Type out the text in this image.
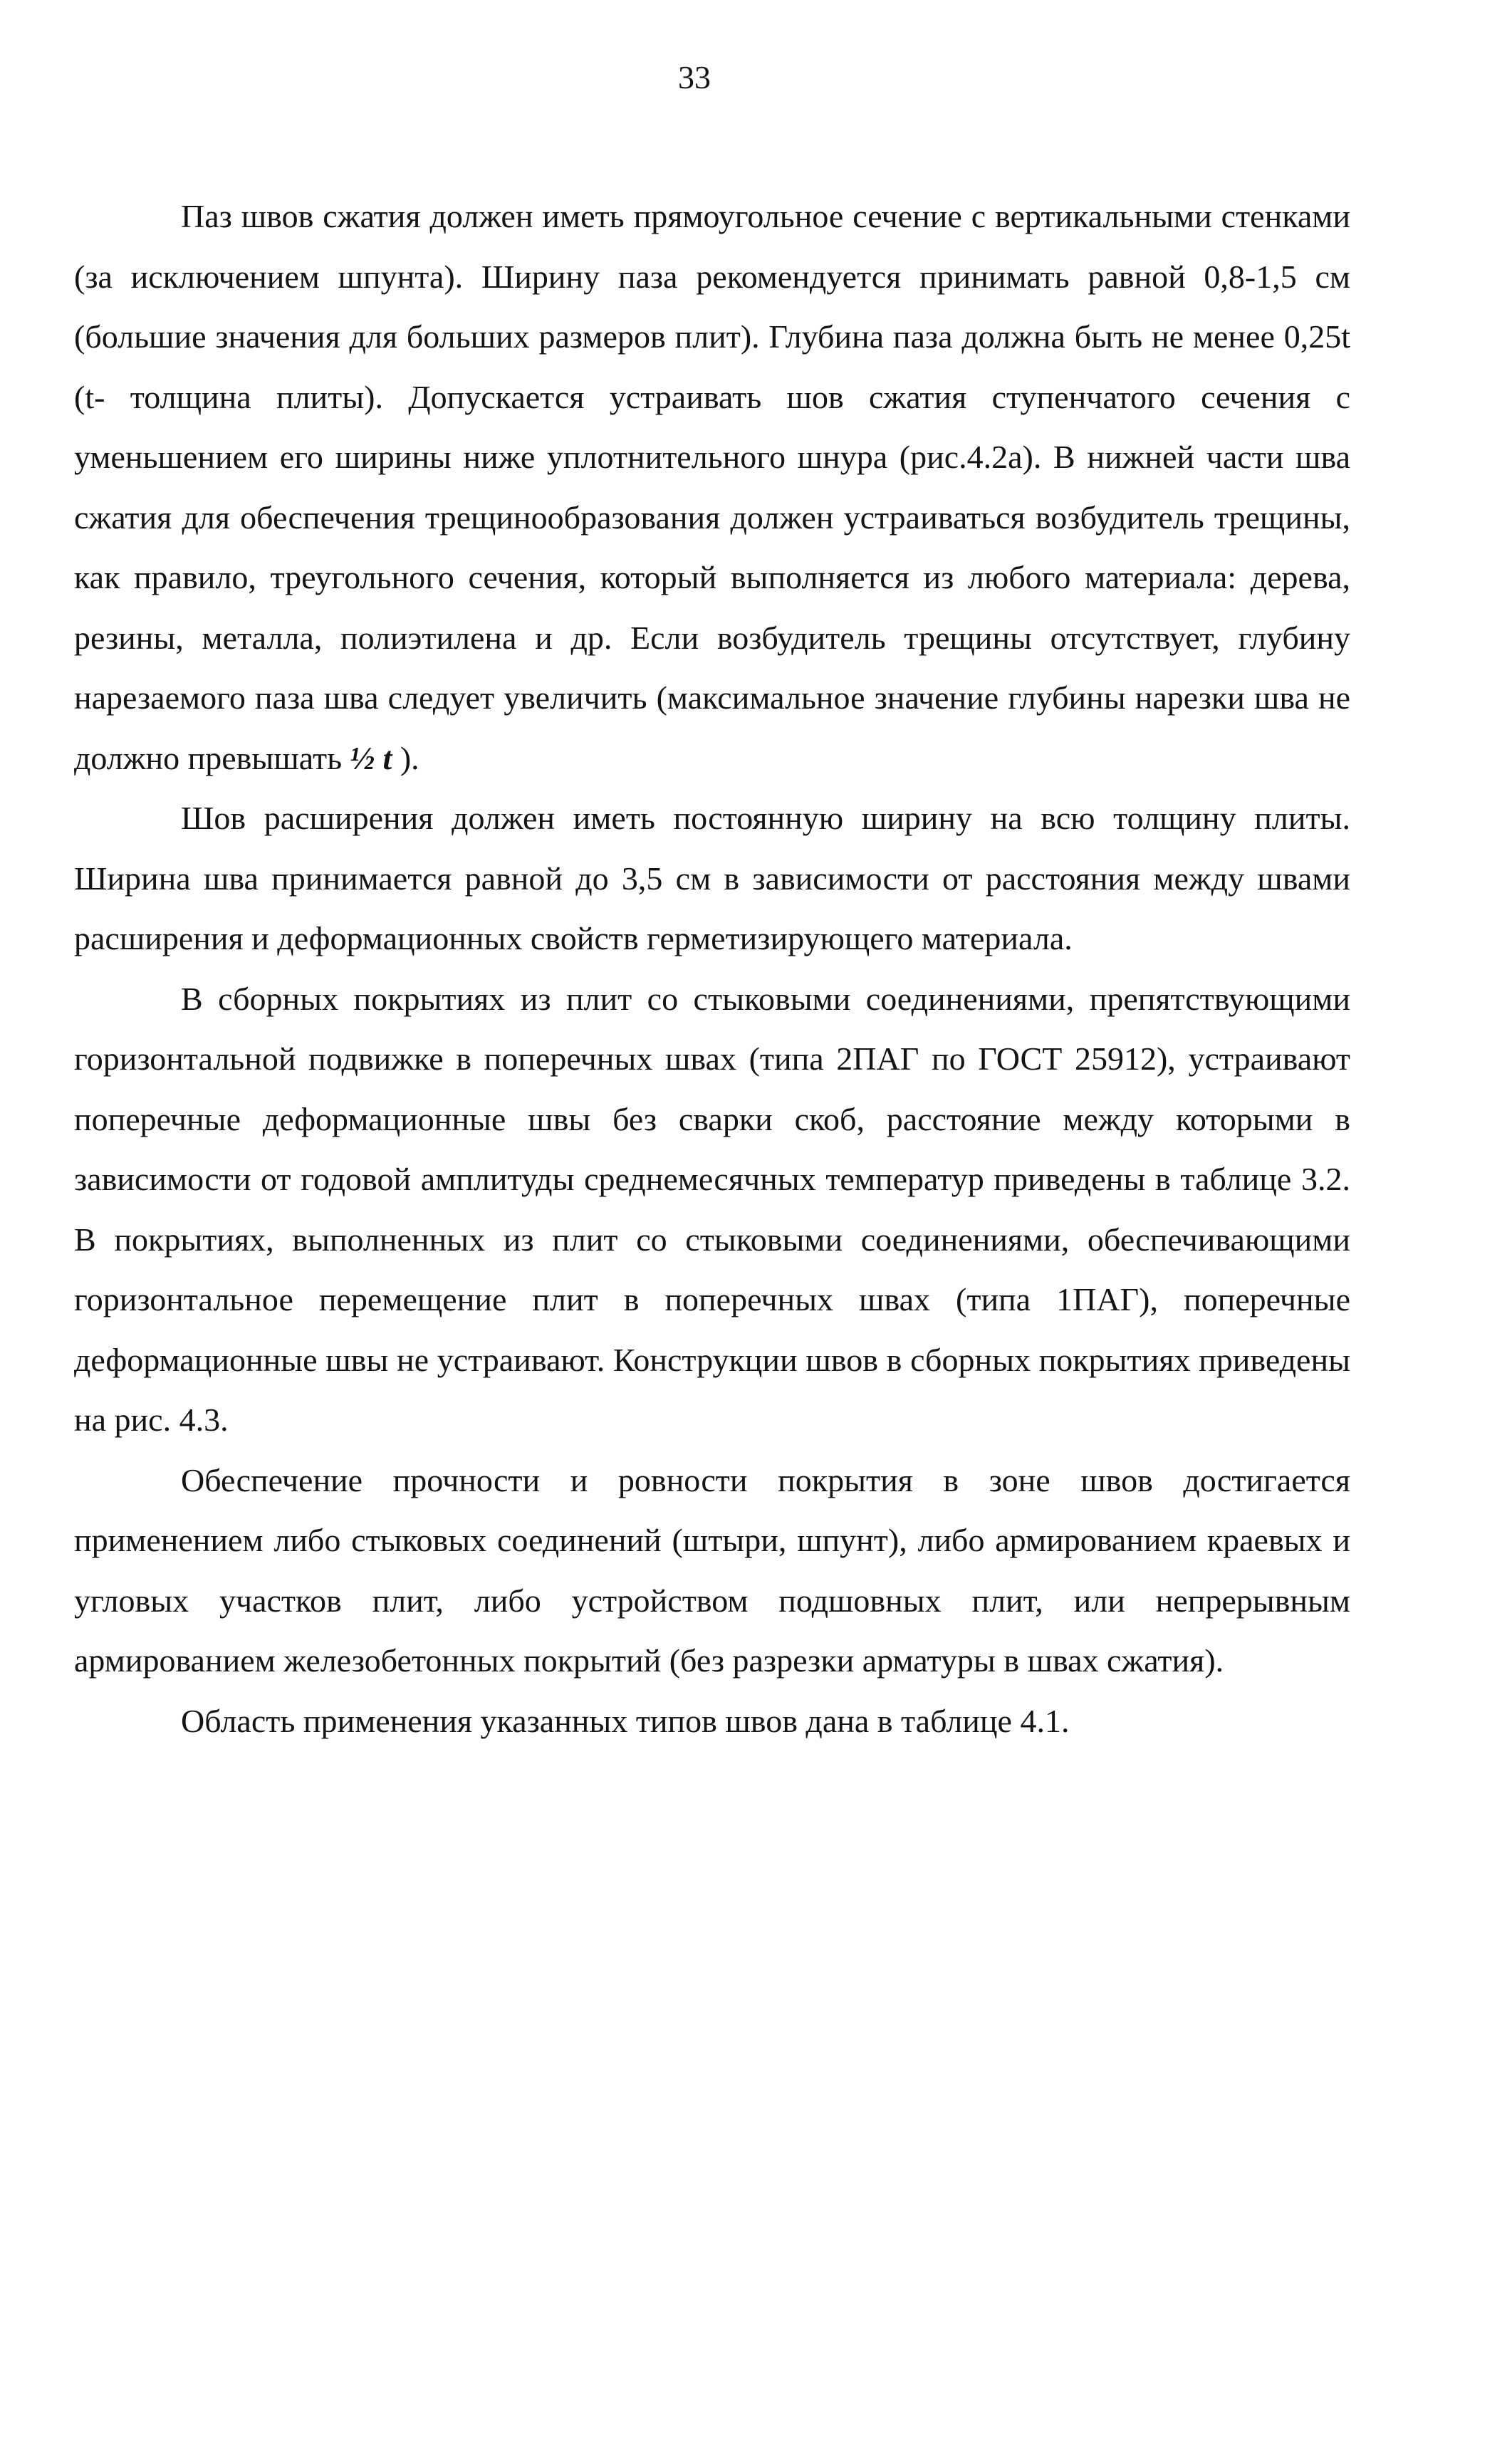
33

Паз швов сжатия должен иметь прямоугольное сечение с вертикальными стенками (за исключением шпунта). Ширину паза рекомендуется принимать равной 0,8-1,5 см (большие значения для больших размеров плит). Глубина паза должна быть не менее 0,25t (t- толщина плиты). Допускается устраивать шов сжатия ступенчатого сечения с уменьшением его ширины ниже уплотнительного шнура (рис.4.2а). В нижней части шва сжатия для обеспечения трещинообразования должен устраиваться возбудитель трещины, как правило, треугольного сечения, который выполняется из любого материала: дерева, резины, металла, полиэтилена и др. Если возбудитель трещины отсутствует, глубину нарезаемого паза шва следует увеличить (максимальное значение глубины нарезки шва не должно превышать ½ t ).

Шов расширения должен иметь постоянную ширину на всю толщину плиты. Ширина шва принимается равной до 3,5 см в зависимости от расстояния между швами расширения и деформационных свойств герметизирующего материала.

В сборных покрытиях из плит со стыковыми соединениями, препятствующими горизонтальной подвижке в поперечных швах (типа 2ПАГ по ГОСТ 25912), устраивают поперечные деформационные швы без сварки скоб, расстояние между которыми в зависимости от годовой амплитуды среднемесячных температур приведены в таблице 3.2. В покрытиях, выполненных из плит со стыковыми соединениями, обеспечивающими горизонтальное перемещение плит в поперечных швах (типа 1ПАГ), поперечные деформационные швы не устраивают. Конструкции швов в сборных покрытиях приведены на рис. 4.3.

Обеспечение прочности и ровности покрытия в зоне швов достигается применением либо стыковых соединений (штыри, шпунт), либо армированием краевых и угловых участков плит, либо устройством подшовных плит, или непрерывным армированием железобетонных покрытий (без разрезки арматуры в швах сжатия).

Область применения указанных типов швов дана в таблице 4.1.
